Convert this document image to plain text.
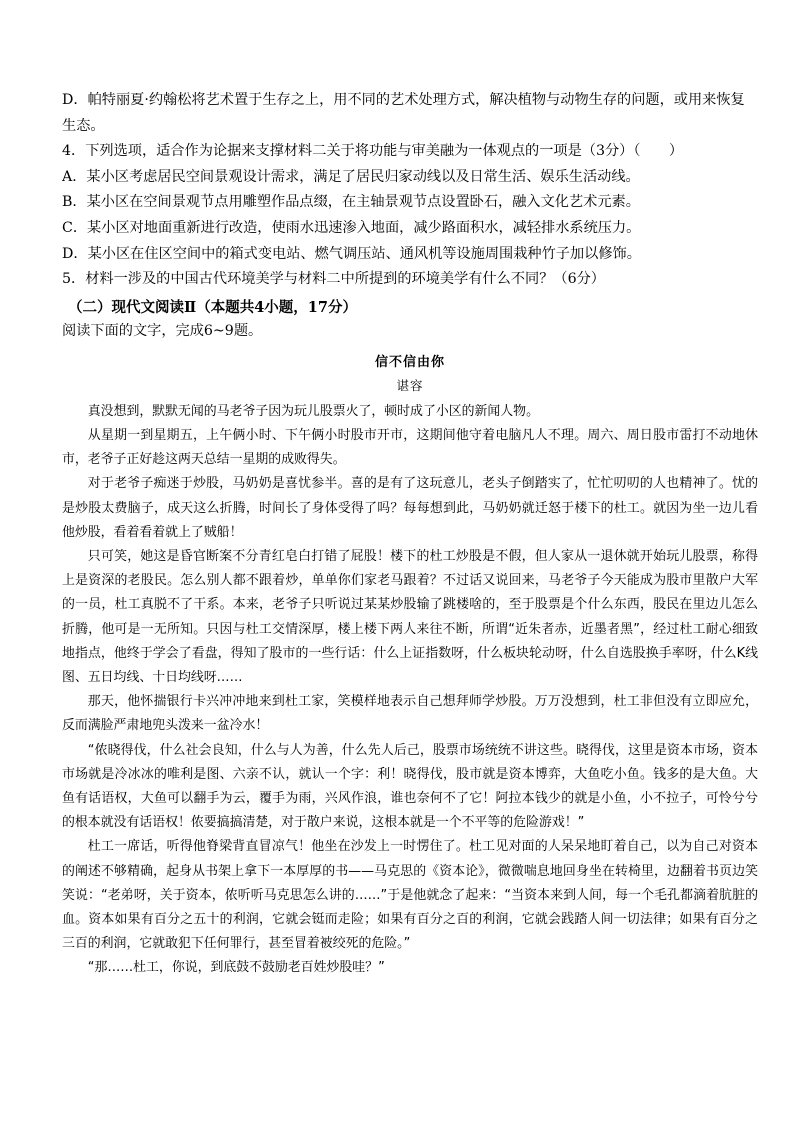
D．帕特丽夏·约翰松将艺术置于生存之上，用不同的艺术处理方式，解决植物与动物生存的问题，或用来恢复生态。

4．下列选项，适合作为论据来支撑材料二关于将功能与审美融为一体观点的一项是（3分）（　　）

A．某小区考虑居民空间景观设计需求，满足了居民归家动线以及日常生活、娱乐生活动线。

B．某小区在空间景观节点用雕塑作品点缀，在主轴景观节点设置卧石，融入文化艺术元素。

C．某小区对地面重新进行改造，使雨水迅速渗入地面，减少路面积水，减轻排水系统压力。

D．某小区在住区空间中的箱式变电站、燃气调压站、通风机等设施周围栽种竹子加以修饰。

5．材料一涉及的中国古代环境美学与材料二中所提到的环境美学有什么不同？（6分）

（二）现代文阅读Ⅱ（本题共4小题，17分）

阅读下面的文字，完成6~9题。

信不信由你
谌容

真没想到，默默无闻的马老爷子因为玩儿股票火了，顿时成了小区的新闻人物。

从星期一到星期五，上午俩小时、下午俩小时股市开市，这期间他守着电脑凡人不理。周六、周日股市雷打不动地休市，老爷子正好趁这两天总结一星期的成败得失。

对于老爷子痴迷于炒股，马奶奶是喜忧参半。喜的是有了这玩意儿，老头子倒踏实了，忙忙叨叨的人也精神了。忧的是炒股太费脑子，成天这么折腾，时间长了身体受得了吗？每每想到此，马奶奶就迁怒于楼下的杜工。就因为坐一边儿看他炒股，看着看着就上了贼船！

只可笑，她这是昏官断案不分青红皂白打错了屁股！楼下的杜工炒股是不假，但人家从一退休就开始玩儿股票，称得上是资深的老股民。怎么别人都不跟着炒，单单你们家老马跟着？不过话又说回来，马老爷子今天能成为股市里散户大军的一员，杜工真脱不了干系。本来，老爷子只听说过某某炒股输了跳楼啥的，至于股票是个什么东西，股民在里边儿怎么折腾，他可是一无所知。只因与杜工交情深厚，楼上楼下两人来往不断，所谓“近朱者赤，近墨者黑”，经过杜工耐心细致地指点，他终于学会了看盘，得知了股市的一些行话：什么上证指数呀，什么板块轮动呀，什么自选股换手率呀，什么K线图、五日均线、十日均线呀……

那天，他怀揣银行卡兴冲冲地来到杜工家，笑模样地表示自己想拜师学炒股。万万没想到，杜工非但没有立即应允，反而满脸严肃地兜头泼来一盆冷水！

“侬晓得伐，什么社会良知，什么与人为善，什么先人后己，股票市场统统不讲这些。晓得伐，这里是资本市场，资本市场就是冷冰冰的唯利是图、六亲不认，就认一个字：利！晓得伐，股市就是资本博弈，大鱼吃小鱼。钱多的是大鱼。大鱼有话语权，大鱼可以翻手为云，覆手为雨，兴风作浪，谁也奈何不了它！阿拉本钱少的就是小鱼，小不拉子，可怜兮兮的根本就没有话语权！侬要搞搞清楚，对于散户来说，这根本就是一个不平等的危险游戏！”

杜工一席话，听得他脊梁背直冒凉气！他坐在沙发上一时愣住了。杜工见对面的人呆呆地盯着自己，以为自己对资本的阐述不够精确，起身从书架上拿下一本厚厚的书——马克思的《资本论》，微微喘息地回身坐在转椅里，边翻着书页边笑笑说：“老弟呀，关于资本，侬听听马克思怎么讲的……”于是他就念了起来：“当资本来到人间，每一个毛孔都滴着肮脏的血。资本如果有百分之五十的利润，它就会铤而走险；如果有百分之百的利润，它就会践踏人间一切法律；如果有百分之三百的利润，它就敢犯下任何罪行，甚至冒着被绞死的危险。”

“那……杜工，你说，到底鼓不鼓励老百姓炒股哇？”
